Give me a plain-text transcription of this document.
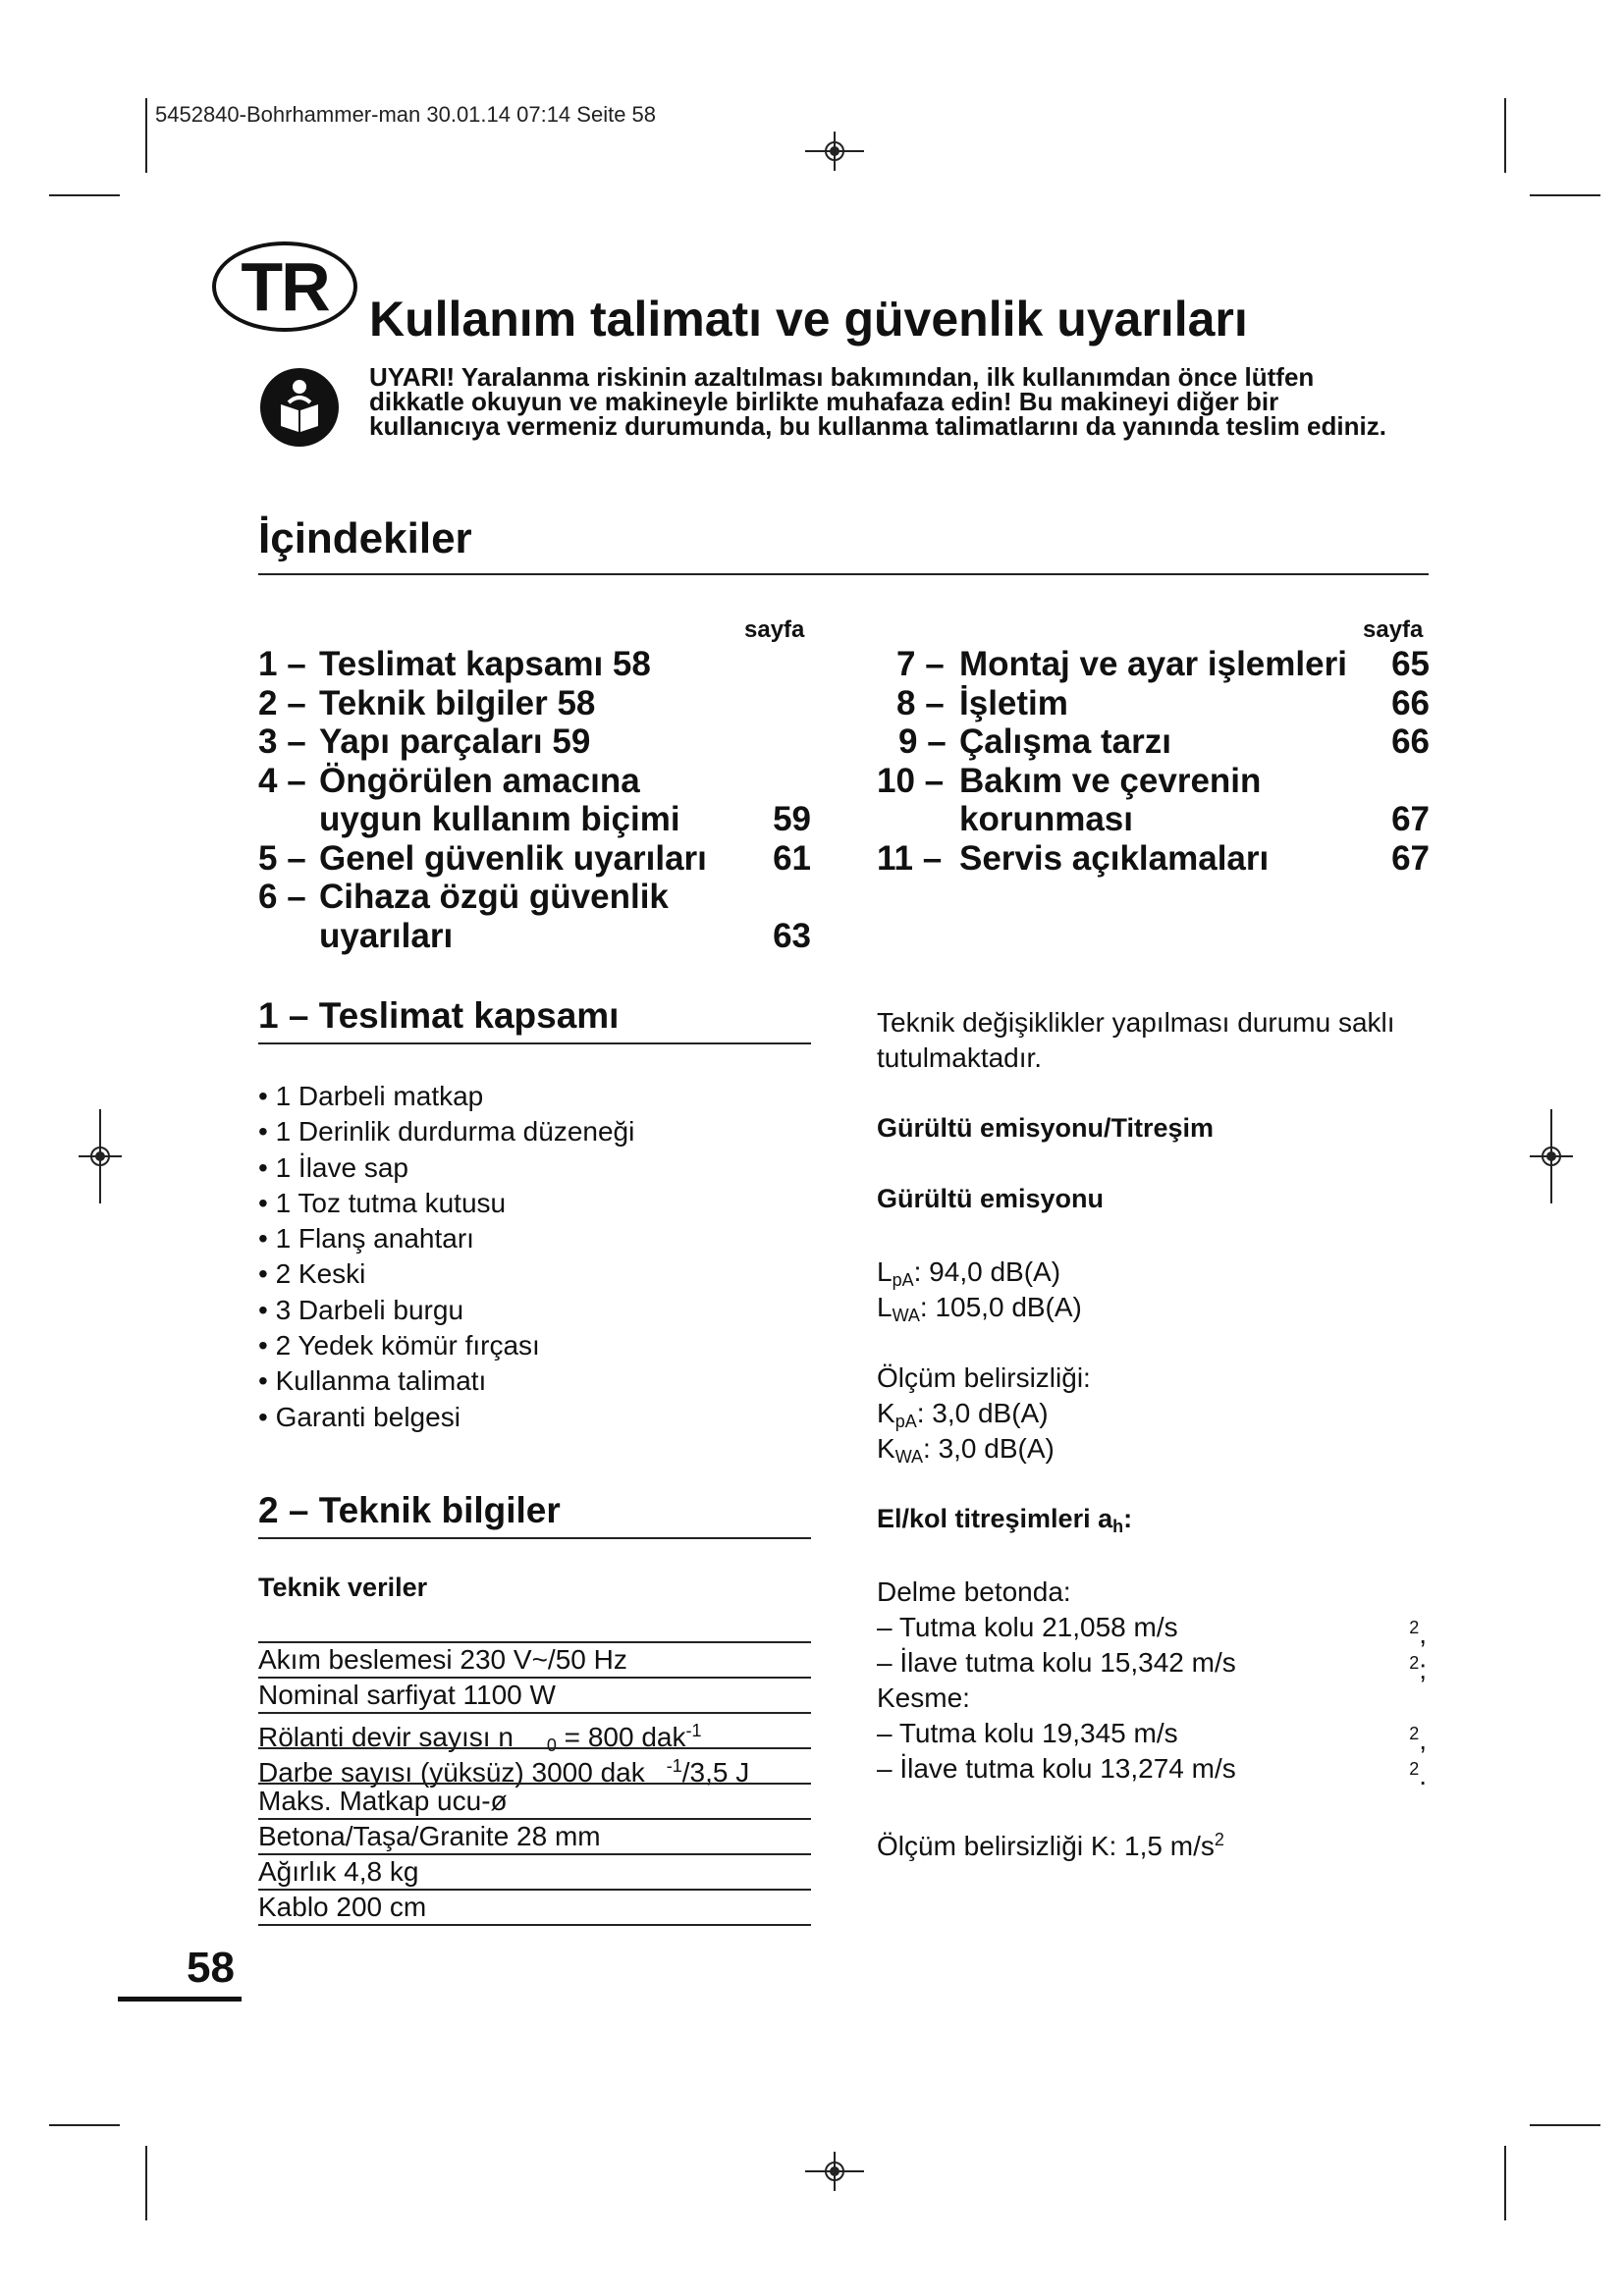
5452840-Bohrhammer-man 30.01.14 07:14 Seite 58
TR Kullanım talimatı ve güvenlik uyarıları
UYARI! Yaralanma riskinin azaltılması bakımından, ilk kullanımdan önce lütfen dikkatle okuyun ve makineyle birlikte muhafaza edin! Bu makineyi diğer bir kullanıcıya vermeniz durumunda, bu kullanma talimatlarını da yanında teslim ediniz.
İçindekiler
sayfa	sayfa
1 – Teslimat kapsamı 58
2 – Teknik bilgiler 58
3 – Yapı parçaları 59
4 – Öngörülen amacına
uygun kullanım biçimi	59
5 – Genel güvenlik uyarıları 61
6 – Cihaza özgü güvenlik
uyarıları	63
7 – Montaj ve ayar işlemleri 65
8 – İşletim	66
9 – Çalışma tarzı	66
10 – Bakım ve çevrenin
korunması	67
11 – Servis açıklamaları	67
1 – Teslimat kapsamı
• 1 Darbeli matkap
• 1 Derinlik durdurma düzeneği
• 1 İlave sap
• 1 Toz tutma kutusu
• 1 Flanş anahtarı
• 2 Keski
• 3 Darbeli burgu
• 2 Yedek kömür fırçası
• Kullanma talimatı
• Garanti belgesi
2 – Teknik bilgiler
Teknik veriler
Akım beslemesi 230 V~/50 Hz
Nominal sarfiyat 1100 W
Rölanti devir sayısı n $_0$ = 800 dak$^{-1}$
Darbe sayısı (yüksüz) 3000 dak $^{-1}$/3,5 J
Maks. Matkap ucu-ø
Betona/Taşa/Granite 28 mm
Ağırlık 4,8 kg
Kablo 200 cm
Teknik değişiklikler yapılması durumu saklı tutulmaktadır.
Gürültü emisyonu/Titreşim
Gürültü emisyonu
$L_{pA}$: 94,0 dB(A)
$L_{WA}$: 105,0 dB(A)
Ölçüm belirsizliği:
$K_{pA}$: 3,0 dB(A)
$K_{WA}$: 3,0 dB(A)
El/kol titreşimleri $a_h$:
Delme betonda:
– Tutma kolu 21,058 m/s	$^2$,
– İlave tutma kolu 15,342 m/s	$^2$;
Kesme:
– Tutma kolu 19,345 m/s	$^2$,
– İlave tutma kolu 13,274 m/s	$^2$.
Ölçüm belirsizliği K: 1,5 $m/s^2$
58
